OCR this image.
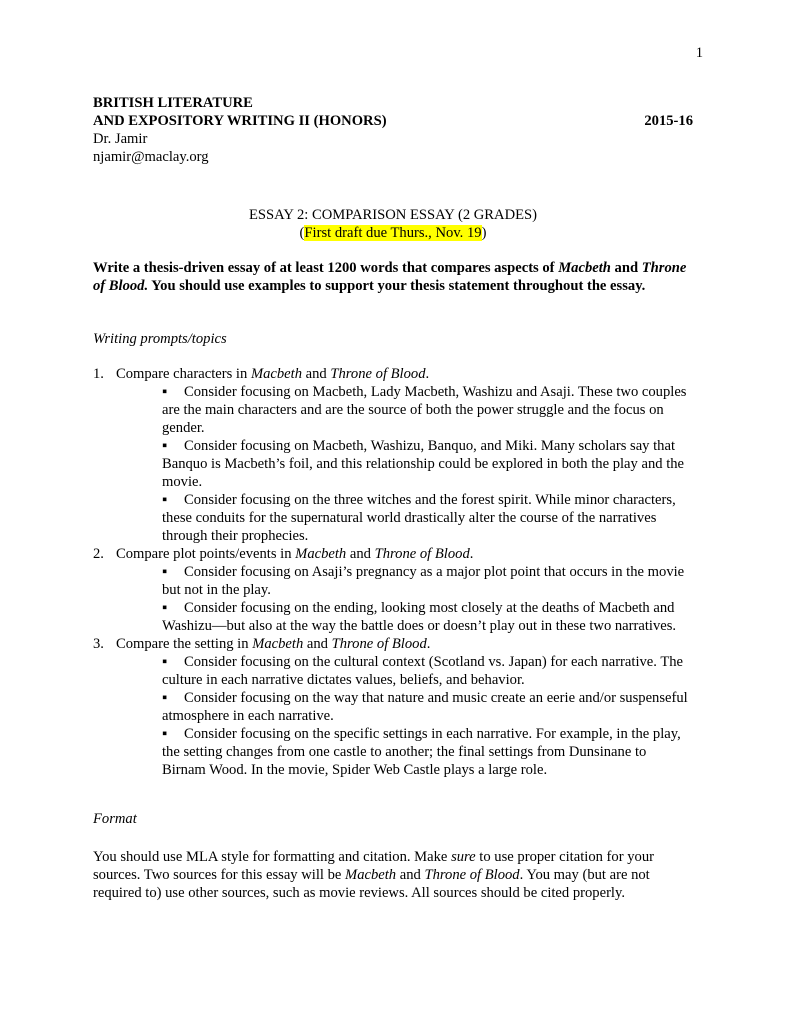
1
BRITISH LITERATURE
AND EXPOSITORY WRITING II (HONORS)	2015-16
Dr. Jamir
njamir@maclay.org
ESSAY 2: COMPARISON ESSAY (2 GRADES)
(First draft due Thurs., Nov. 19)
Write a thesis-driven essay of at least 1200 words that compares aspects of Macbeth and Throne of Blood. You should use examples to support your thesis statement throughout the essay.
Writing prompts/topics
1. Compare characters in Macbeth and Throne of Blood.
▪ Consider focusing on Macbeth, Lady Macbeth, Washizu and Asaji. These two couples are the main characters and are the source of both the power struggle and the focus on gender.
▪ Consider focusing on Macbeth, Washizu, Banquo, and Miki. Many scholars say that Banquo is Macbeth’s foil, and this relationship could be explored in both the play and the movie.
▪ Consider focusing on the three witches and the forest spirit. While minor characters, these conduits for the supernatural world drastically alter the course of the narratives through their prophecies.
2. Compare plot points/events in Macbeth and Throne of Blood.
▪ Consider focusing on Asaji’s pregnancy as a major plot point that occurs in the movie but not in the play.
▪ Consider focusing on the ending, looking most closely at the deaths of Macbeth and Washizu—but also at the way the battle does or doesn’t play out in these two narratives.
3. Compare the setting in Macbeth and Throne of Blood.
▪ Consider focusing on the cultural context (Scotland vs. Japan) for each narrative. The culture in each narrative dictates values, beliefs, and behavior.
▪ Consider focusing on the way that nature and music create an eerie and/or suspenseful atmosphere in each narrative.
▪ Consider focusing on the specific settings in each narrative. For example, in the play, the setting changes from one castle to another; the final settings from Dunsinane to Birnam Wood. In the movie, Spider Web Castle plays a large role.
Format
You should use MLA style for formatting and citation. Make sure to use proper citation for your sources. Two sources for this essay will be Macbeth and Throne of Blood. You may (but are not required to) use other sources, such as movie reviews. All sources should be cited properly.
